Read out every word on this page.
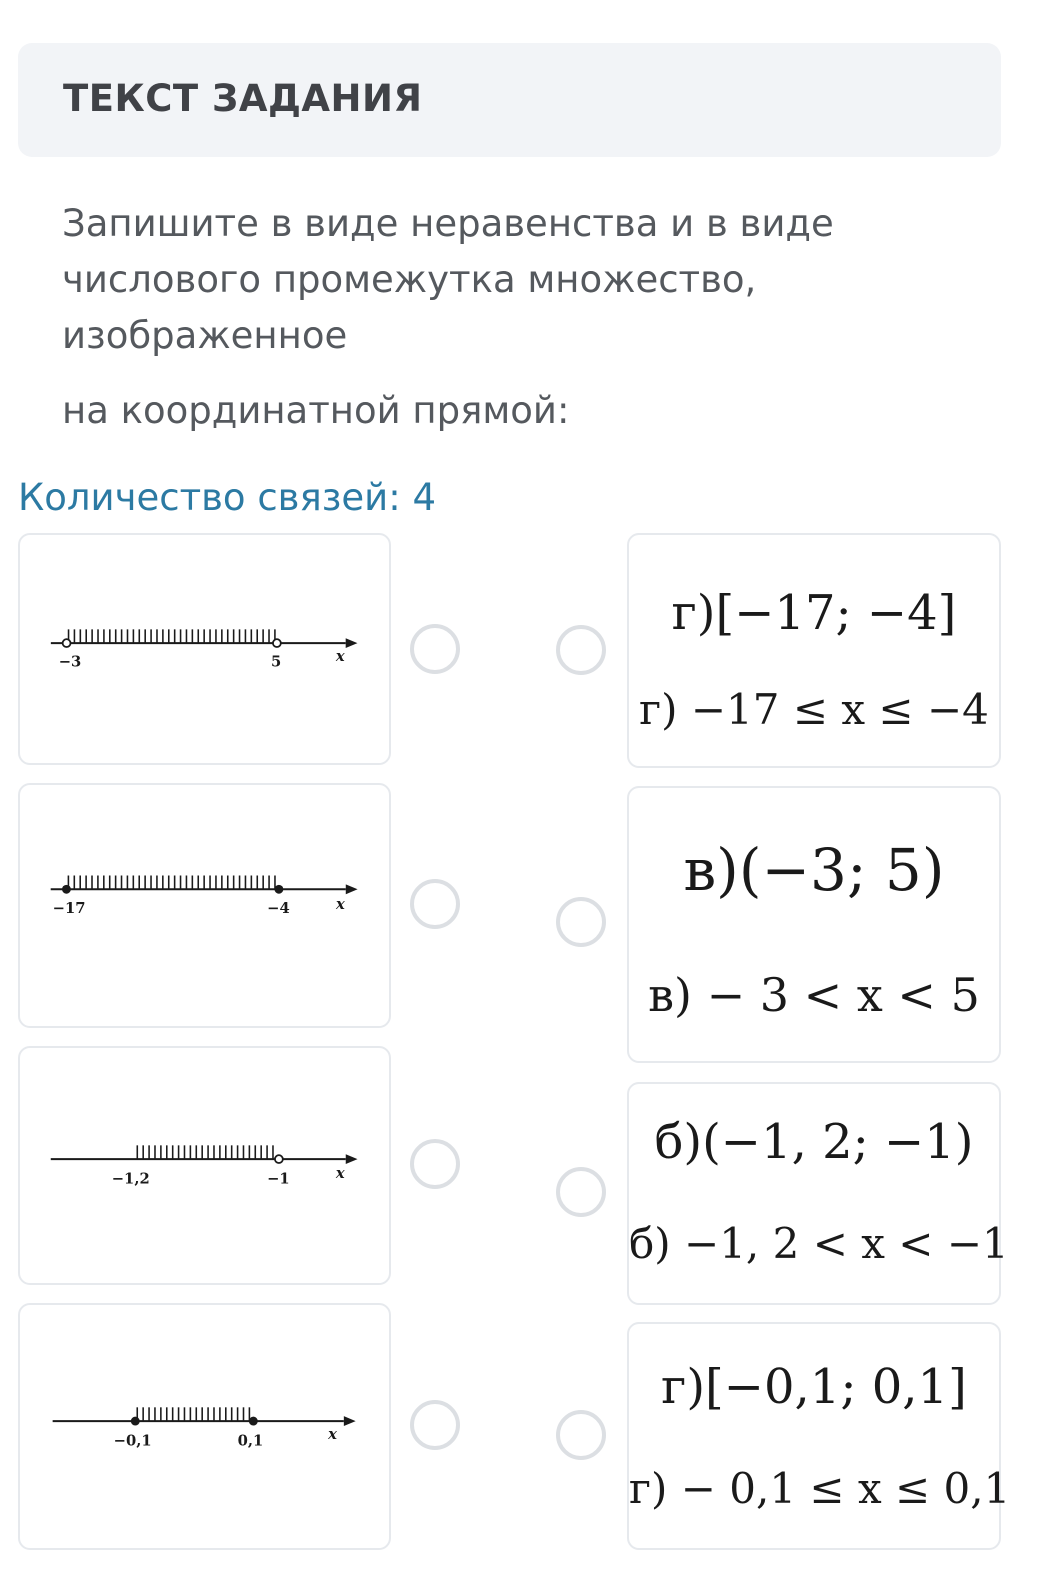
ТЕКСТ ЗАДАНИЯ
Запишите в виде неравенства и в виде числового промежутка множество, изображенное
на координатной прямой:
Количество связей: 4
−3	5	x
−17	−4	x
−1,2	−1	x
−0,1	0,1	x
г)[−17; −4]
г) −17 ≤ x ≤ −4
в)(−3; 5)
в) − 3 < x < 5
б)(−1, 2; −1)
б) −1, 2 < x < −1
г)[−0,1; 0,1]
г) − 0,1 ≤ x ≤ 0,1
